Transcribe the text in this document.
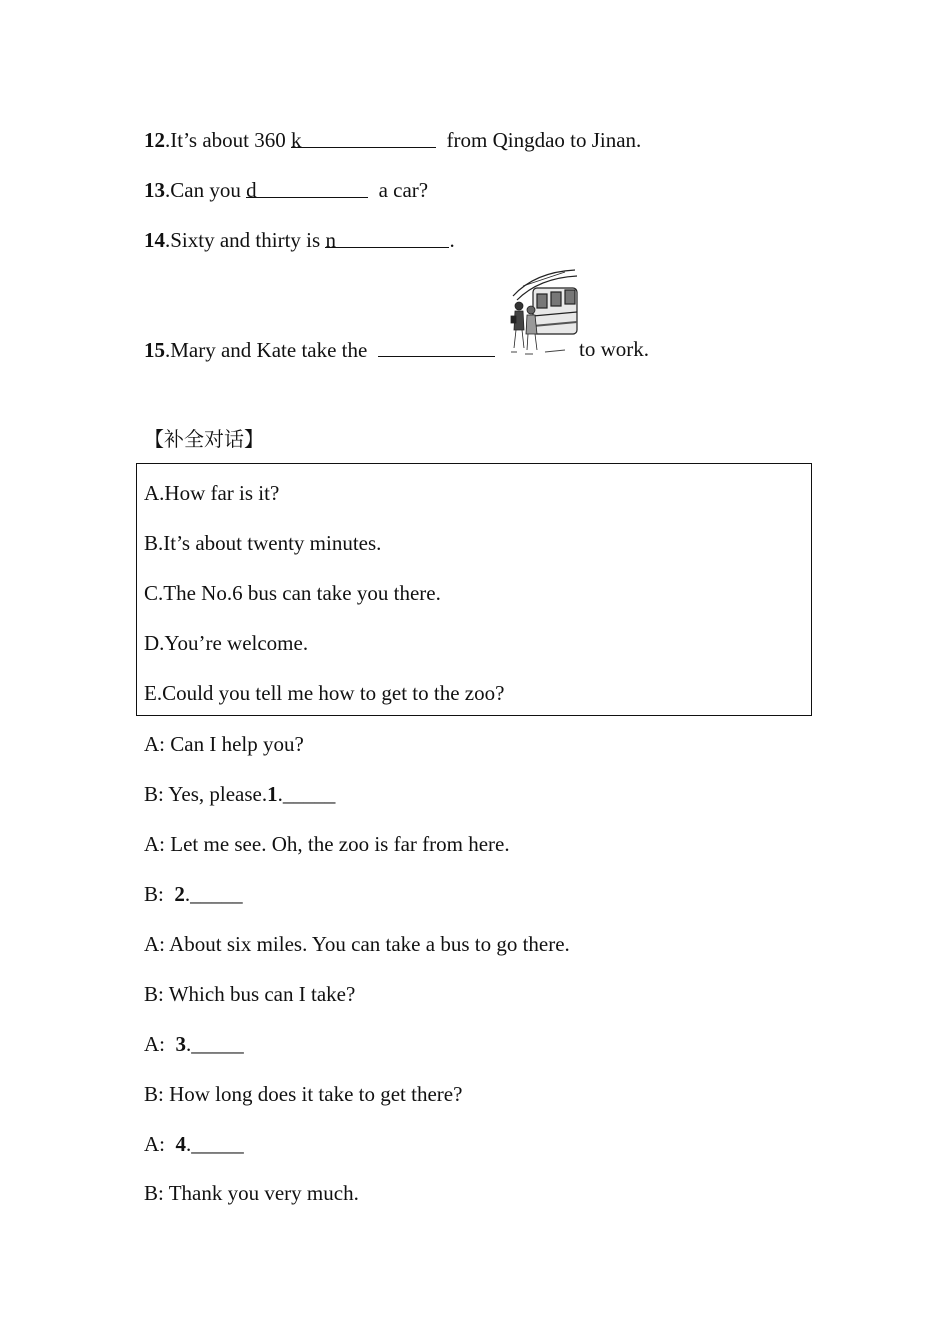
12.It’s about 360 k	from Qingdao to Jinan.
13.Can you d	a car?
14.Sixty and thirty is n	.
15.Mary and Kate take the	to work.
【补全对话】
A.How far is it?
B.It’s about twenty minutes.
C.The No.6 bus can take you there.
D.You’re welcome.
E.Could you tell me how to get to the zoo?
A: Can I help you?
B: Yes, please.1._____
A: Let me see. Oh, the zoo is far from here.
B:  2._____
A: About six miles. You can take a bus to go there.
B: Which bus can I take?
A:  3._____
B: How long does it take to get there?
A:  4._____
B: Thank you very much.
